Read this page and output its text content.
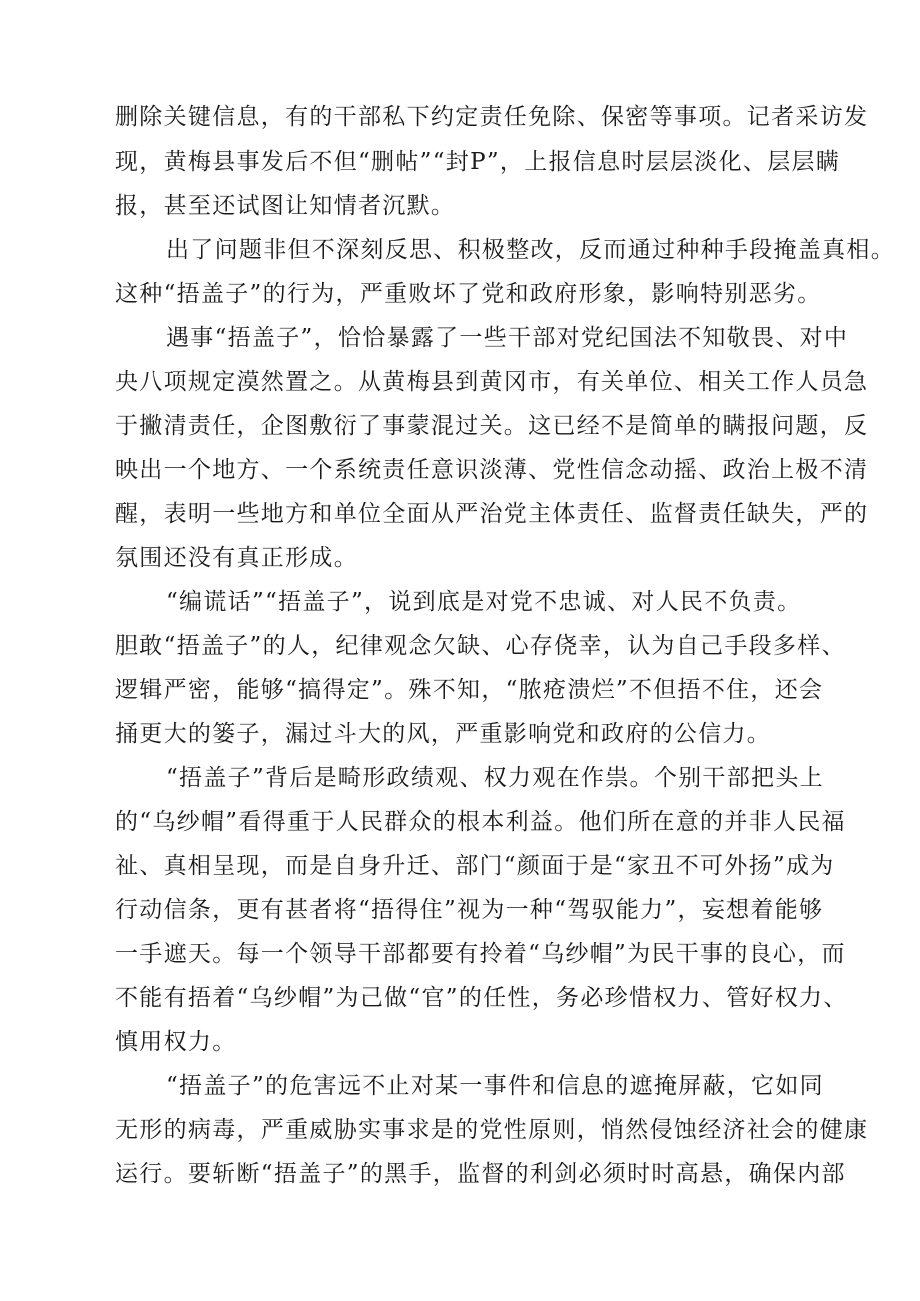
删除关键信息，有的干部私下约定责任免除、保密等事项。记者采访发
现，黄梅县事发后不但“删帖”“封P”，上报信息时层层淡化、层层瞒
报，甚至还试图让知情者沉默。
出了问题非但不深刻反思、积极整改，反而通过种种手段掩盖真相。
这种“捂盖子”的行为，严重败坏了党和政府形象，影响特别恶劣。
遇事“捂盖子”，恰恰暴露了一些干部对党纪国法不知敬畏、对中
央八项规定漠然置之。从黄梅县到黄冈市，有关单位、相关工作人员急
于撇清责任，企图敷衍了事蒙混过关。这已经不是简单的瞒报问题，反
映出一个地方、一个系统责任意识淡薄、党性信念动摇、政治上极不清
醒，表明一些地方和单位全面从严治党主体责任、监督责任缺失，严的
氛围还没有真正形成。
“编谎话”“捂盖子”，说到底是对党不忠诚、对人民不负责。
胆敢“捂盖子”的人，纪律观念欠缺、心存侥幸，认为自己手段多样、
逻辑严密，能够“搞得定”。殊不知，“脓疮溃烂”不但捂不住，还会
捅更大的篓子，漏过斗大的风，严重影响党和政府的公信力。
“捂盖子”背后是畸形政绩观、权力观在作祟。个别干部把头上
的“乌纱帽”看得重于人民群众的根本利益。他们所在意的并非人民福
祉、真相呈现，而是自身升迁、部门“颜面于是“家丑不可外扬”成为
行动信条，更有甚者将“捂得住”视为一种“驾驭能力”，妄想着能够
一手遮天。每一个领导干部都要有拎着“乌纱帽”为民干事的良心，而
不能有捂着“乌纱帽”为己做“官”的任性，务必珍惜权力、管好权力、
慎用权力。
“捂盖子”的危害远不止对某一事件和信息的遮掩屏蔽，它如同
无形的病毒，严重威胁实事求是的党性原则，悄然侵蚀经济社会的健康
运行。要斩断“捂盖子”的黑手，监督的利剑必须时时高悬，确保内部
